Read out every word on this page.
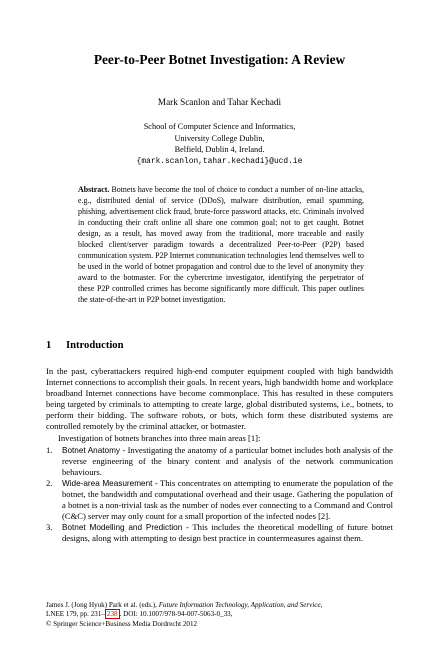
Peer-to-Peer Botnet Investigation: A Review
Mark Scanlon and Tahar Kechadi
School of Computer Science and Informatics,
University College Dublin,
Belfield, Dublin 4, Ireland.
{mark.scanlon,tahar.kechadi}@ucd.ie
Abstract. Botnets have become the tool of choice to conduct a number of on-line attacks, e.g., distributed denial of service (DDoS), malware distribution, email spamming, phishing, advertisement click fraud, brute-force password attacks, etc. Criminals involved in conducting their craft online all share one common goal; not to get caught. Botnet design, as a result, has moved away from the traditional, more traceable and easily blocked client/server paradigm towards a decentralized Peer-to-Peer (P2P) based communication system. P2P Internet communication technologies lend themselves well to be used in the world of botnet propagation and control due to the level of anonymity they award to the botmaster. For the cybercrime investigator, identifying the perpetrator of these P2P controlled crimes has become significantly more difficult. This paper outlines the state-of-the-art in P2P botnet investigation.
1 Introduction

In the past, cyberattackers required high-end computer equipment coupled with high bandwidth Internet connections to accomplish their goals. In recent years, high bandwidth home and workplace broadband Internet connections have become commonplace. This has resulted in these computers being targeted by criminals to attempting to create large, global distributed systems, i.e., botnets, to perform their bidding. The software robots, or bots, which form these distributed systems are controlled remotely by the criminal attacker, or botmaster.

Investigation of botnets branches into three main areas [1]:

1. Botnet Anatomy - Investigating the anatomy of a particular botnet includes both analysis of the reverse engineering of the binary content and analysis of the network communication behaviours.
2. Wide-area Measurement - This concentrates on attempting to enumerate the population of the botnet, the bandwidth and computational overhead and their usage. Gathering the population of a botnet is a non-trivial task as the number of nodes ever connecting to a Command and Control (C&C) server may only count for a small proportion of the infected nodes [2].
3. Botnet Modelling and Prediction - This includes the theoretical modelling of future botnet designs, along with attempting to design best practice in countermeasures against them.
James J. (Jong Hyuk) Park et al. (eds.), Future Information Technology, Application, and Service,
LNEE 179, pp. 231– 238 . DOI: 10.1007/978-94-007-5063-0_33,
© Springer Science+Business Media Dordrecht 2012
